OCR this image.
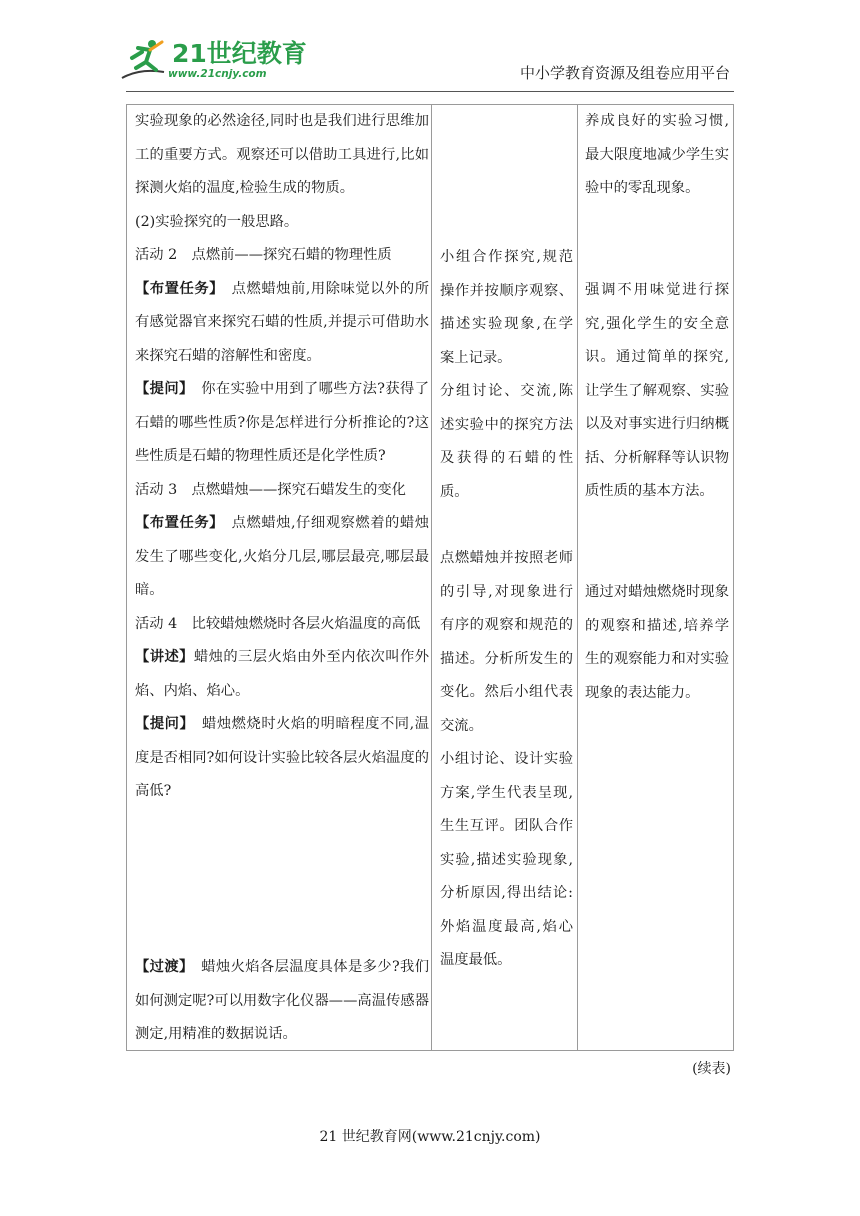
21世纪教育
www.21cnjy.com	中小学教育资源及组卷应用平台

实验现象的必然途径,同时也是我们进行思维加工的重要方式。观察还可以借助工具进行,比如探测火焰的温度,检验生成的物质。

(2)实验探究的一般思路。

活动 2　点燃前——探究石蜡的物理性质

【布置任务】　点燃蜡烛前,用除味觉以外的所有感觉器官来探究石蜡的性质,并提示可借助水来探究石蜡的溶解性和密度。

【提问】　你在实验中用到了哪些方法?获得了石蜡的哪些性质?你是怎样进行分析推论的?这些性质是石蜡的物理性质还是化学性质?

活动 3　点燃蜡烛——探究石蜡发生的变化

【布置任务】　点燃蜡烛,仔细观察燃着的蜡烛发生了哪些变化,火焰分几层,哪层最亮,哪层最暗。

活动 4　比较蜡烛燃烧时各层火焰温度的高低

【讲述】蜡烛的三层火焰由外至内依次叫作外焰、内焰、焰心。

【提问】　蜡烛燃烧时火焰的明暗程度不同,温度是否相同?如何设计实验比较各层火焰温度的高低?

【过渡】　蜡烛火焰各层温度具体是多少?我们如何测定呢?可以用数字化仪器——高温传感器测定,用精准的数据说话。

小组合作探究,规范操作并按顺序观察、描述实验现象,在学案上记录。

分组讨论、交流,陈述实验中的探究方法及获得的石蜡的性质。

点燃蜡烛并按照老师的引导,对现象进行有序的观察和规范的描述。分析所发生的变化。然后小组代表交流。

小组讨论、设计实验方案,学生代表呈现,生生互评。团队合作实验,描述实验现象,分析原因,得出结论:外焰温度最高,焰心温度最低。

养成良好的实验习惯,最大限度地减少学生实验中的零乱现象。

强调不用味觉进行探究,强化学生的安全意识。通过简单的探究,让学生了解观察、实验以及对事实进行归纳概括、分析解释等认识物质性质的基本方法。

通过对蜡烛燃烧时现象的观察和描述,培养学生的观察能力和对实验现象的表达能力。

(续表)
21 世纪教育网(www.21cnjy.com)
